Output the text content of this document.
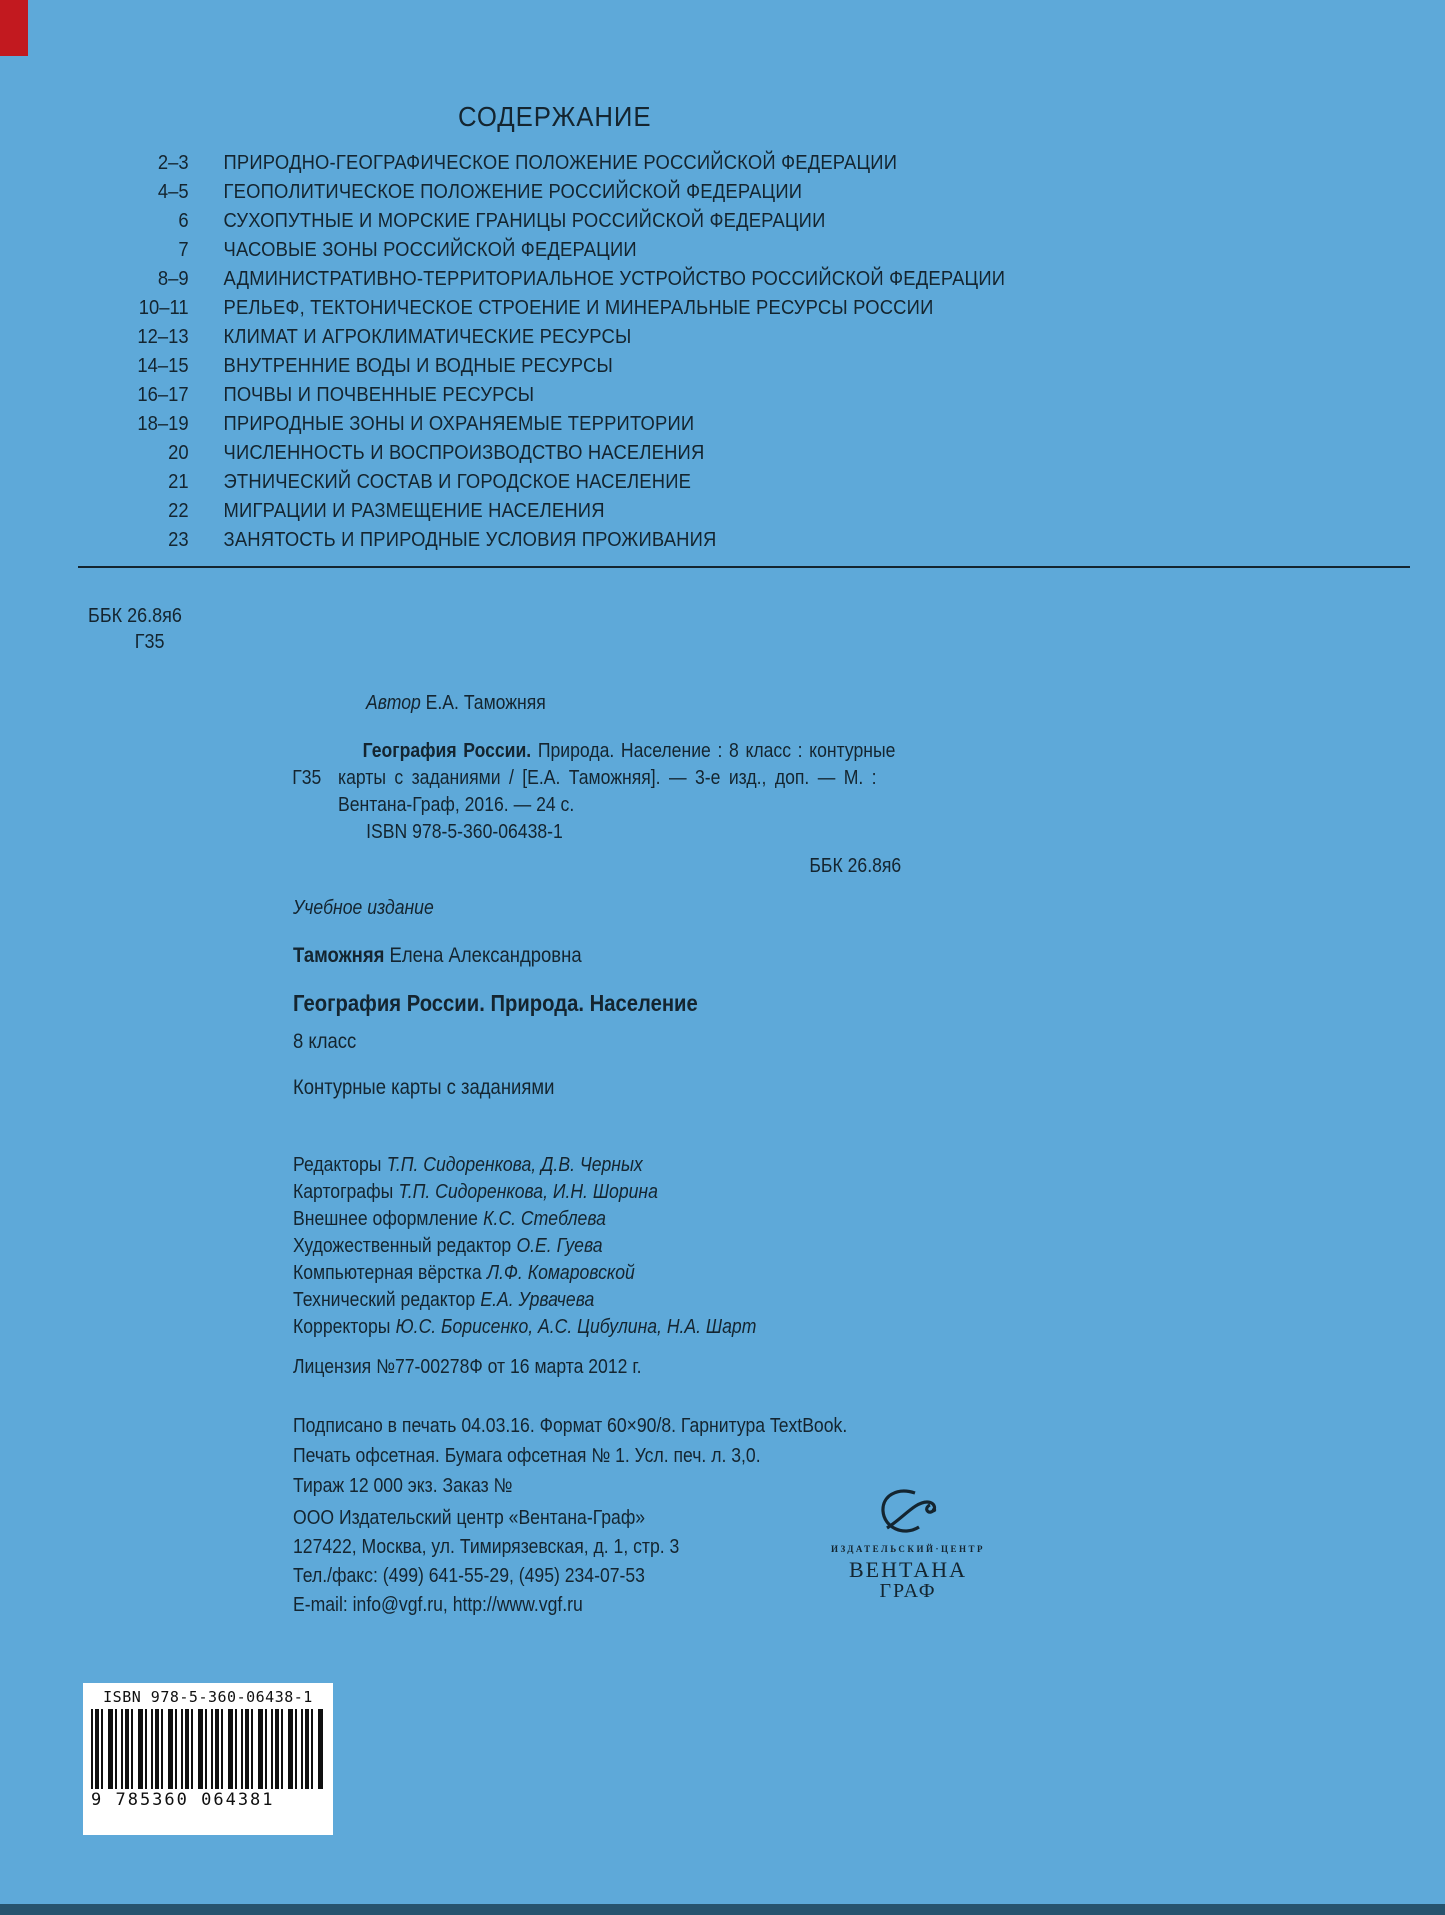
СОДЕРЖАНИЕ
2–3 ПРИРОДНО-ГЕОГРАФИЧЕСКОЕ ПОЛОЖЕНИЕ РОССИЙСКОЙ ФЕДЕРАЦИИ
4–5 ГЕОПОЛИТИЧЕСКОЕ ПОЛОЖЕНИЕ РОССИЙСКОЙ ФЕДЕРАЦИИ
6 СУХОПУТНЫЕ И МОРСКИЕ ГРАНИЦЫ РОССИЙСКОЙ ФЕДЕРАЦИИ
7 ЧАСОВЫЕ ЗОНЫ РОССИЙСКОЙ ФЕДЕРАЦИИ
8–9 АДМИНИСТРАТИВНО-ТЕРРИТОРИАЛЬНОЕ УСТРОЙСТВО РОССИЙСКОЙ ФЕДЕРАЦИИ
10–11 РЕЛЬЕФ, ТЕКТОНИЧЕСКОЕ СТРОЕНИЕ И МИНЕРАЛЬНЫЕ РЕСУРСЫ РОССИИ
12–13 КЛИМАТ И АГРОКЛИМАТИЧЕСКИЕ РЕСУРСЫ
14–15 ВНУТРЕННИЕ ВОДЫ И ВОДНЫЕ РЕСУРСЫ
16–17 ПОЧВЫ И ПОЧВЕННЫЕ РЕСУРСЫ
18–19 ПРИРОДНЫЕ ЗОНЫ И ОХРАНЯЕМЫЕ ТЕРРИТОРИИ
20 ЧИСЛЕННОСТЬ И ВОСПРОИЗВОДСТВО НАСЕЛЕНИЯ
21 ЭТНИЧЕСКИЙ СОСТАВ И ГОРОДСКОЕ НАСЕЛЕНИЕ
22 МИГРАЦИИ И РАЗМЕЩЕНИЕ НАСЕЛЕНИЯ
23 ЗАНЯТОСТЬ И ПРИРОДНЫЕ УСЛОВИЯ ПРОЖИВАНИЯ
ББК 26.8я6
Г35
Автор Е.А. Таможняя
Г35
География России. Природа. Население : 8 класс : контурные
карты с заданиями / [Е.А. Таможняя]. — 3-е изд., доп. — М. :
Вентана-Граф, 2016. — 24 с.
ISBN 978-5-360-06438-1
ББК 26.8я6
Учебное издание
Таможняя Елена Александровна
География России. Природа. Население
8 класс
Контурные карты с заданиями
Редакторы Т.П. Сидоренкова, Д.В. Черных
Картографы Т.П. Сидоренкова, И.Н. Шорина
Внешнее оформление К.С. Стеблева
Художественный редактор О.Е. Гуева
Компьютерная вёрстка Л.Ф. Комаровской
Технический редактор Е.А. Урвачева
Корректоры Ю.С. Борисенко, А.С. Цибулина, Н.А. Шарт
Лицензия №77-00278Ф от 16 марта 2012 г.
Подписано в печать 04.03.16. Формат 60×90/8. Гарнитура TextBook.
Печать офсетная. Бумага офсетная № 1. Усл. печ. л. 3,0.
Тираж 12 000 экз. Заказ №
ООО Издательский центр «Вентана-Граф»
127422, Москва, ул. Тимирязевская, д. 1, стр. 3
Тел./факс: (499) 641-55-29, (495) 234-07-53
E-mail: info@vgf.ru, http://www.vgf.ru
ИЗДАТЕЛЬСКИЙ·ЦЕНТР
ВЕНТАНА
ГРАФ
ISBN 978-5-360-06438-1
9 785360 064381
